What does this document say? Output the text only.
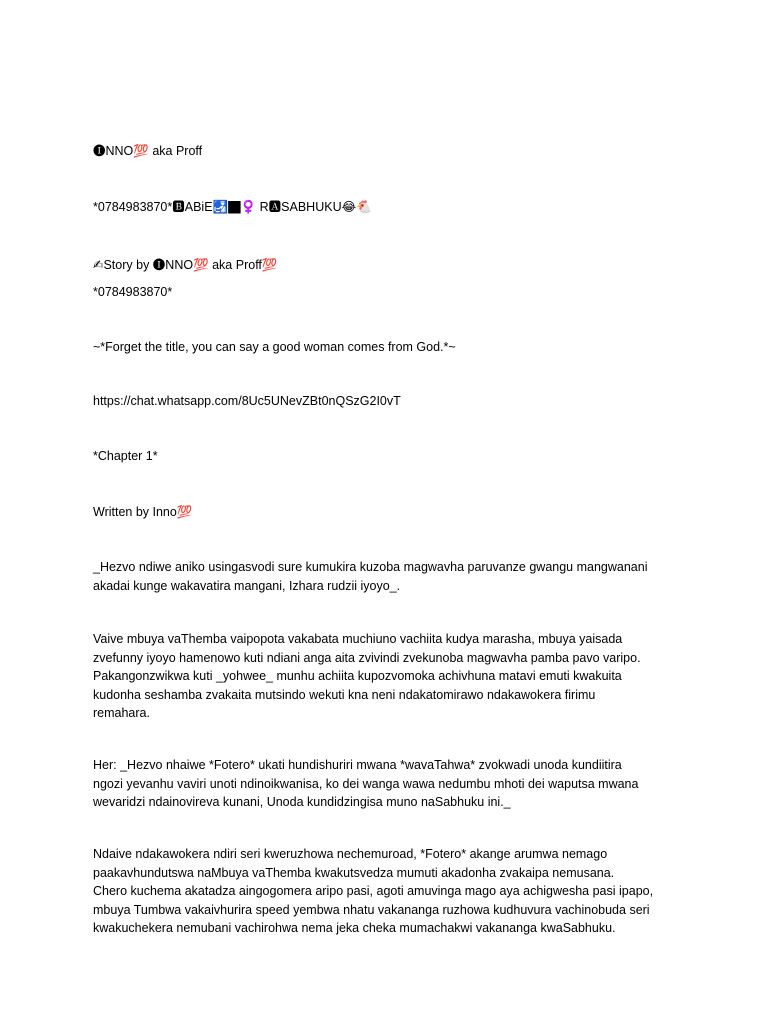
🅘NNO💯 aka Proff
*0784983870*🅱ABiE🛃🏿‍♀️ R🅰SABHUKU😂🐔
✍Story by 🅘NNO💯 aka Proff💯
*0784983870*
~*Forget the title, you can say a good woman comes from God.*~
https://chat.whatsapp.com/8Uc5UNevZBt0nQSzG2I0vT
*Chapter 1*
Written by Inno💯
_Hezvo ndiwe aniko usingasvodi sure kumukira kuzoba magwavha paruvanze gwangu mangwanani
akadai kunge wakavatira mangani, Izhara rudzii iyoyo_.
Vaive mbuya vaThemba vaipopota vakabata muchiuno vachiita kudya marasha, mbuya yaisada
zvefunny iyoyo hamenowo kuti ndiani anga aita zvivindi zvekunoba magwavha pamba pavo varipo.
Pakangonzwikwa kuti _yohwee_ munhu achiita kupozvomoka achivhuna matavi emuti kwakuita
kudonha seshamba zvakaita mutsindo wekuti kna neni ndakatomirawo ndakawokera firimu
remahara.
Her: _Hezvo nhaiwe *Fotero* ukati hundishuriri mwana *wavaTahwa* zvokwadi unoda kundiitira
ngozi yevanhu vaviri unoti ndinoikwanisa, ko dei wanga wawa nedumbu mhoti dei waputsa mwana
wevaridzi ndainovireva kunani, Unoda kundidzingisa muno naSabhuku ini._
Ndaive ndakawokera ndiri seri kweruzhowa nechemuroad, *Fotero* akange arumwa nemago
paakavhundutswa naMbuya vaThemba kwakutsvedza mumuti akadonha zvakaipa nemusana.
Chero kuchema akatadza aingogomera aripo pasi, agoti amuvinga mago aya achigwesha pasi ipapo,
mbuya Tumbwa vakaivhurira speed yembwa nhatu vakananga ruzhowa kudhuvura vachinobuda seri
kwakuchekera nemubani vachirohwa nema jeka cheka mumachakwi vakananga kwaSabhuku.
